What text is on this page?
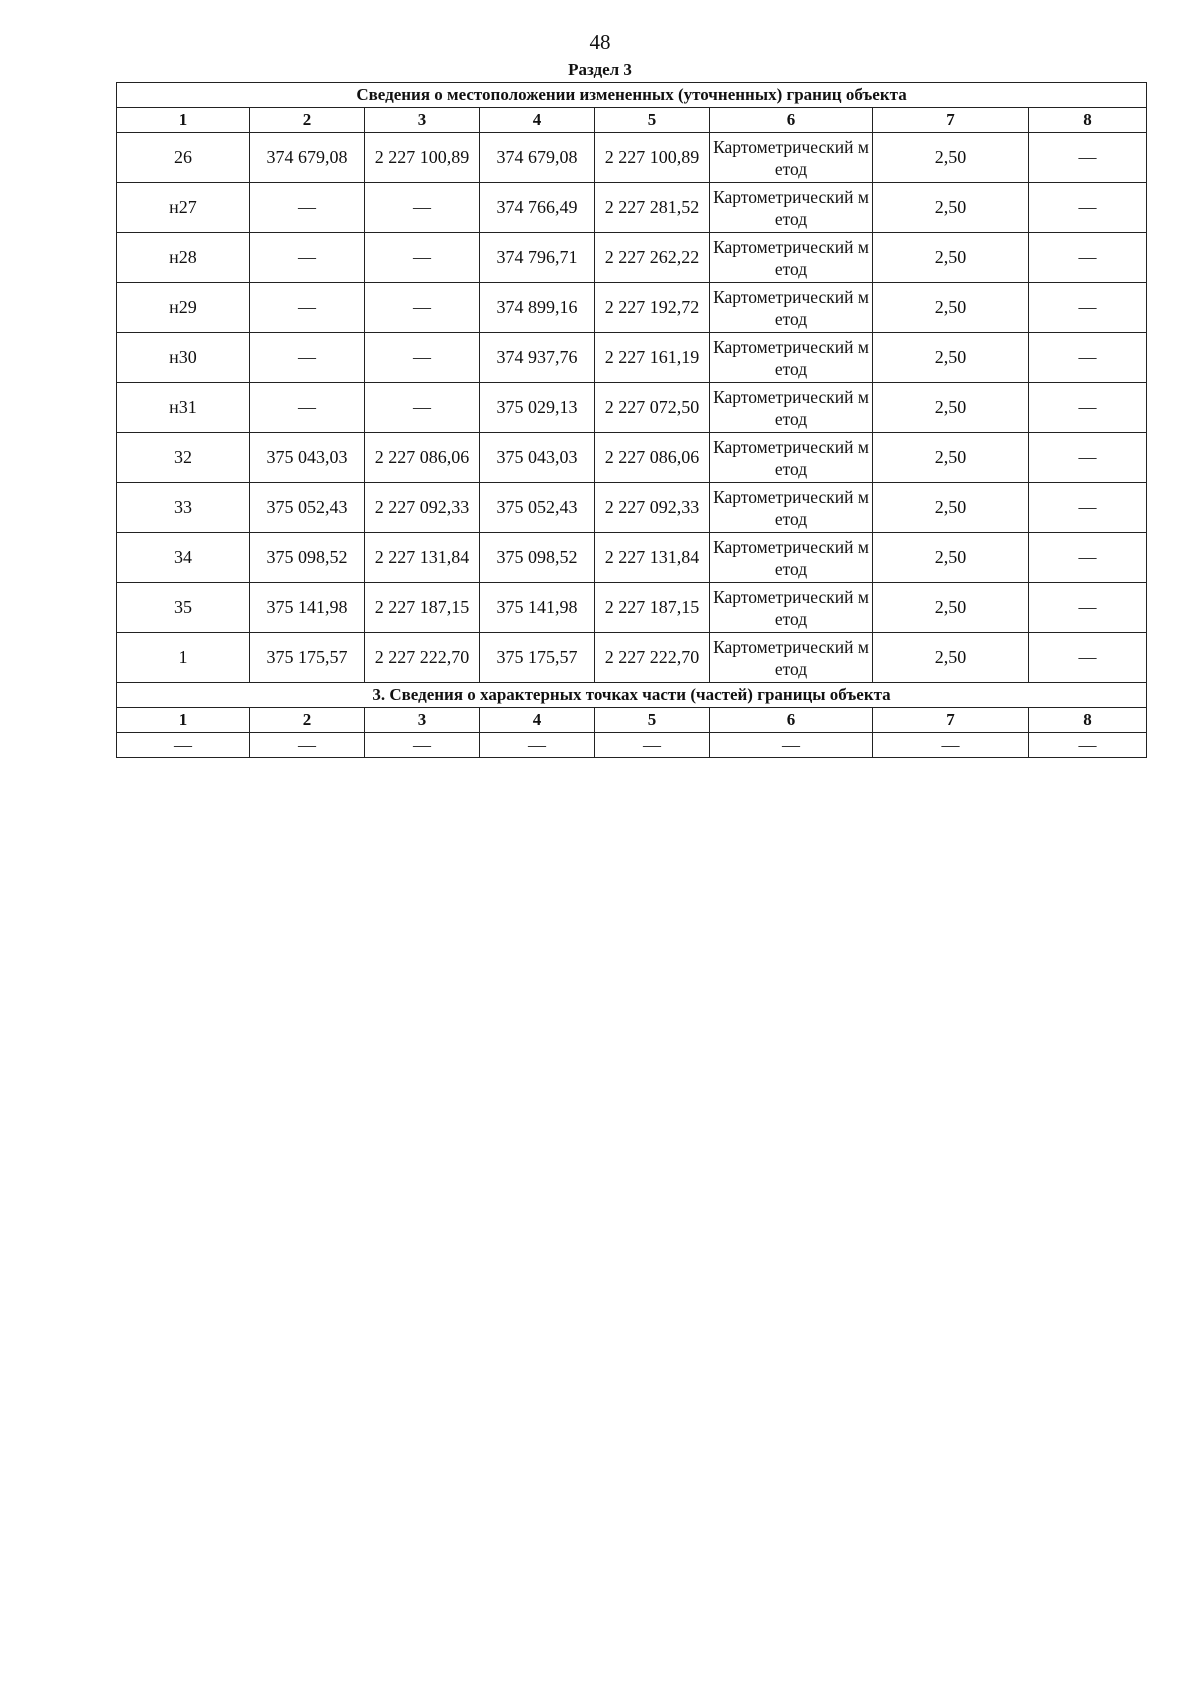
48
Раздел 3
Сведения о местоположении измененных (уточненных) границ объекта							
1	2	3	4	5	6	7	8
26	374 679,08	2 227 100,89	374 679,08	2 227 100,89	Картометрический метод	2,50	—
н27	—	—	374 766,49	2 227 281,52	Картометрический метод	2,50	—
н28	—	—	374 796,71	2 227 262,22	Картометрический метод	2,50	—
н29	—	—	374 899,16	2 227 192,72	Картометрический метод	2,50	—
н30	—	—	374 937,76	2 227 161,19	Картометрический метод	2,50	—
н31	—	—	375 029,13	2 227 072,50	Картометрический метод	2,50	—
32	375 043,03	2 227 086,06	375 043,03	2 227 086,06	Картометрический метод	2,50	—
33	375 052,43	2 227 092,33	375 052,43	2 227 092,33	Картометрический метод	2,50	—
34	375 098,52	2 227 131,84	375 098,52	2 227 131,84	Картометрический метод	2,50	—
35	375 141,98	2 227 187,15	375 141,98	2 227 187,15	Картометрический метод	2,50	—
1	375 175,57	2 227 222,70	375 175,57	2 227 222,70	Картометрический метод	2,50	—
3. Сведения о характерных точках части (частей) границы объекта							
1	2	3	4	5	6	7	8
—	—	—	—	—	—	—	—
